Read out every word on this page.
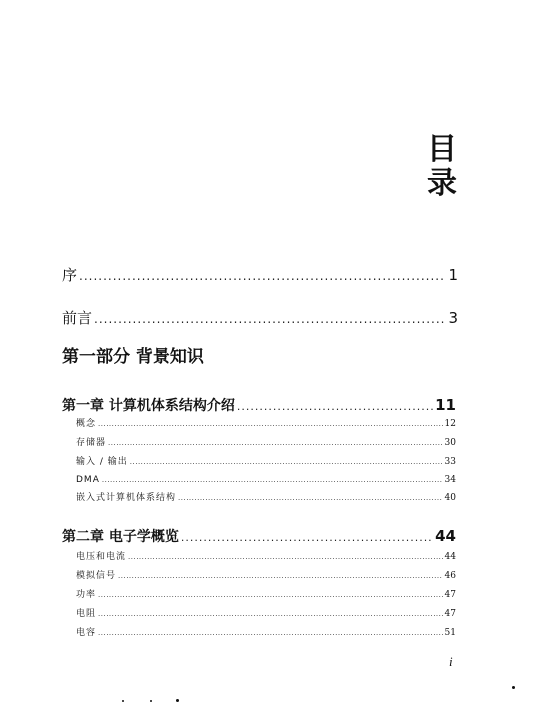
目录
序 .....	1
前言 .....	3
第一部分 背景知识
第一章 计算机体系结构介绍 .....	11
概念 .....	12
存储器 .....	30
输入 / 输出 .....	33
DMA .....	34
嵌入式计算机体系结构 .....	40
第二章 电子学概览 .....	44
电压和电流 .....	44
模拟信号 .....	46
功率 .....	47
电阻 .....	47
电容 .....	51
i
